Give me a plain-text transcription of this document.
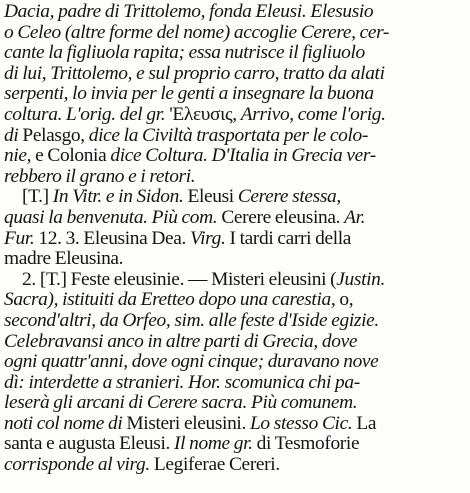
Dacia, padre di Trittolemo, fonda Eleusi. Elesusio
o Celeo (altre forme del nome) accoglie Cerere, cer-
cante la figliuola rapita; essa nutrisce il figliuolo
di lui, Trittolemo, e sul proprio carro, tratto da alati
serpenti, lo invia per le genti a insegnare la buona
coltura. L'orig. del gr. 'Ελευσις, Arrivo, come l'orig.
di Pelasgo, dice la Civiltà trasportata per le colo-
nie, e Colonia dice Coltura. D'Italia in Grecia ver-
rebbero il grano e i retori.
[T.] In Vitr. e in Sidon. Eleusi Cerere stessa,
quasi la benvenuta. Più com. Cerere eleusina. Ar.
Fur. 12. 3. Eleusina Dea. Virg. I tardi carri della
madre Eleusina.
2. [T.] Feste eleusinie. — Misteri eleusini (Justin.
Sacra), istituiti da Eretteo dopo una carestia, o,
second'altri, da Orfeo, sim. alle feste d'Iside egizie.
Celebravansi anco in altre parti di Grecia, dove
ogni quattr'anni, dove ogni cinque; duravano nove
dì: interdette a stranieri. Hor. scomunica chi pa-
leserà gli arcani di Cerere sacra. Più comunem.
noti col nome di Misteri eleusini. Lo stesso Cic. La
santa e augusta Eleusi. Il nome gr. di Tesmoforie
corrisponde al virg. Legiferae Cereri.
